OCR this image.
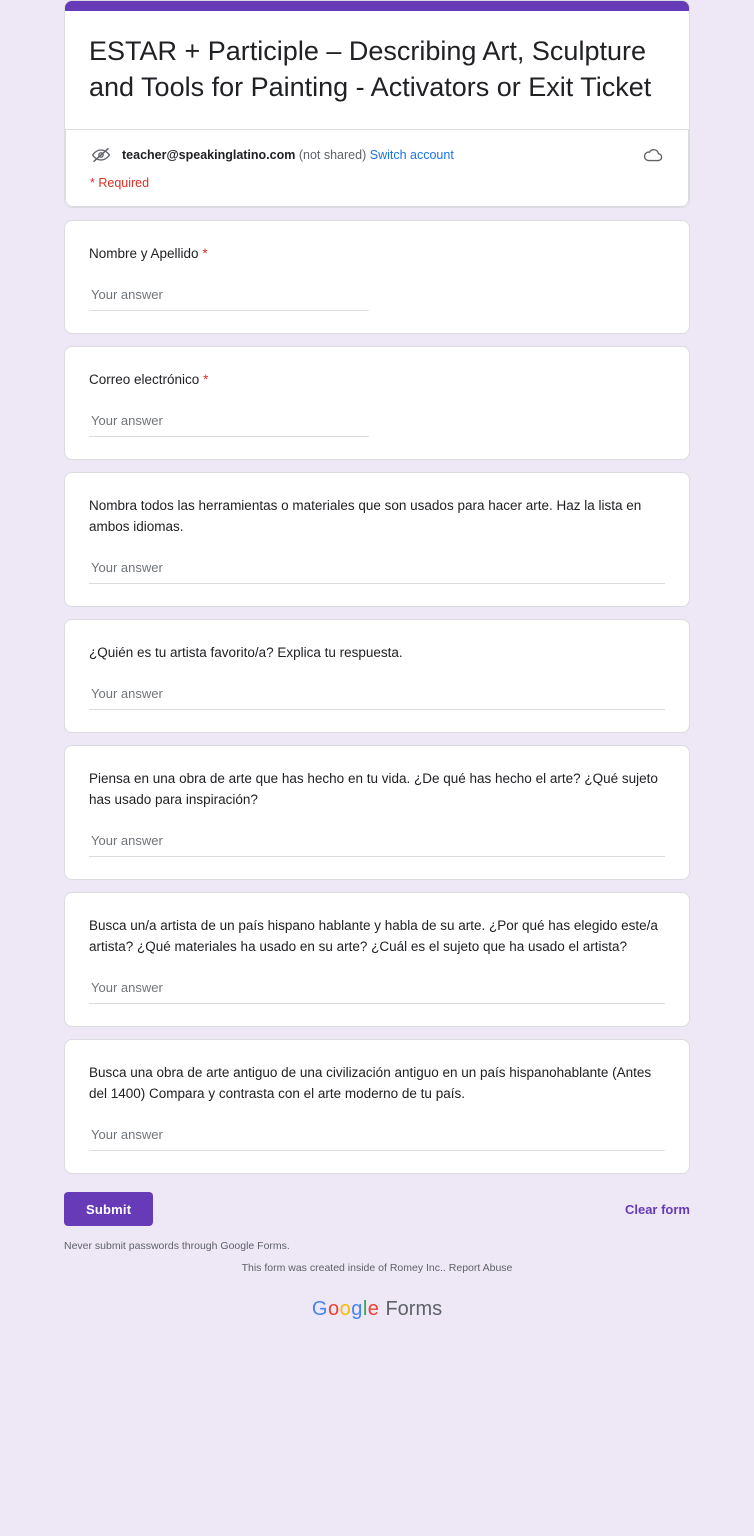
ESTAR + Participle – Describing Art, Sculpture and Tools for Painting - Activators or Exit Ticket
teacher@speakinglatino.com (not shared) Switch account
* Required
Nombre y Apellido *
Your answer
Correo electrónico *
Your answer
Nombra todos las herramientas o materiales que son usados para hacer arte. Haz la lista en ambos idiomas.
Your answer
¿Quién es tu artista favorito/a? Explica tu respuesta.
Your answer
Piensa en una obra de arte que has hecho en tu vida. ¿De qué has hecho el arte? ¿Qué sujeto has usado para inspiración?
Your answer
Busca un/a artista de un país hispano hablante y habla de su arte. ¿Por qué has elegido este/a artista? ¿Qué materiales ha usado en su arte? ¿Cuál es el sujeto que ha usado el artista?
Your answer
Busca una obra de arte antiguo de una civilización antiguo en un país hispanohablante (Antes del 1400) Compara y contrasta con el arte moderno de tu país.
Your answer
Submit	Clear form
Never submit passwords through Google Forms.
This form was created inside of Romey Inc.. Report Abuse
Google Forms
